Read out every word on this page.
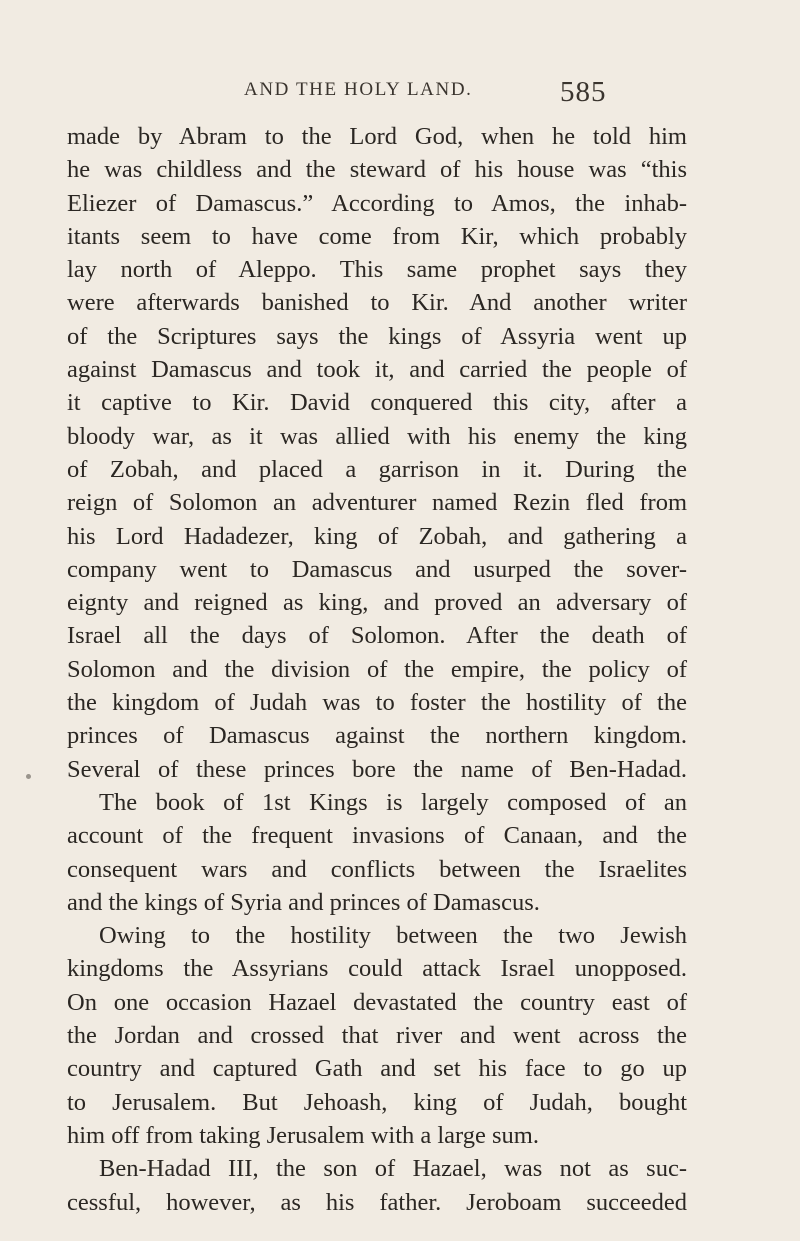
AND THE HOLY LAND.	585
made by Abram to the Lord God, when he told him
he was childless and the steward of his house was “this
Eliezer of Damascus.” According to Amos, the inhab-
itants seem to have come from Kir, which probably
lay north of Aleppo. This same prophet says they
were afterwards banished to Kir. And another writer
of the Scriptures says the kings of Assyria went up
against Damascus and took it, and carried the people of
it captive to Kir. David conquered this city, after a
bloody war, as it was allied with his enemy the king
of Zobah, and placed a garrison in it. During the
reign of Solomon an adventurer named Rezin fled from
his Lord Hadadezer, king of Zobah, and gathering a
company went to Damascus and usurped the sover-
eignty and reigned as king, and proved an adversary of
Israel all the days of Solomon. After the death of
Solomon and the division of the empire, the policy of
the kingdom of Judah was to foster the hostility of the
princes of Damascus against the northern kingdom.
Several of these princes bore the name of Ben-Hadad.
The book of 1st Kings is largely composed of an
account of the frequent invasions of Canaan, and the
consequent wars and conflicts between the Israelites
and the kings of Syria and princes of Damascus.
Owing to the hostility between the two Jewish
kingdoms the Assyrians could attack Israel unopposed.
On one occasion Hazael devastated the country east of
the Jordan and crossed that river and went across the
country and captured Gath and set his face to go up
to Jerusalem. But Jehoash, king of Judah, bought
him off from taking Jerusalem with a large sum.
Ben-Hadad III, the son of Hazael, was not as suc-
cessful, however, as his father. Jeroboam succeeded
